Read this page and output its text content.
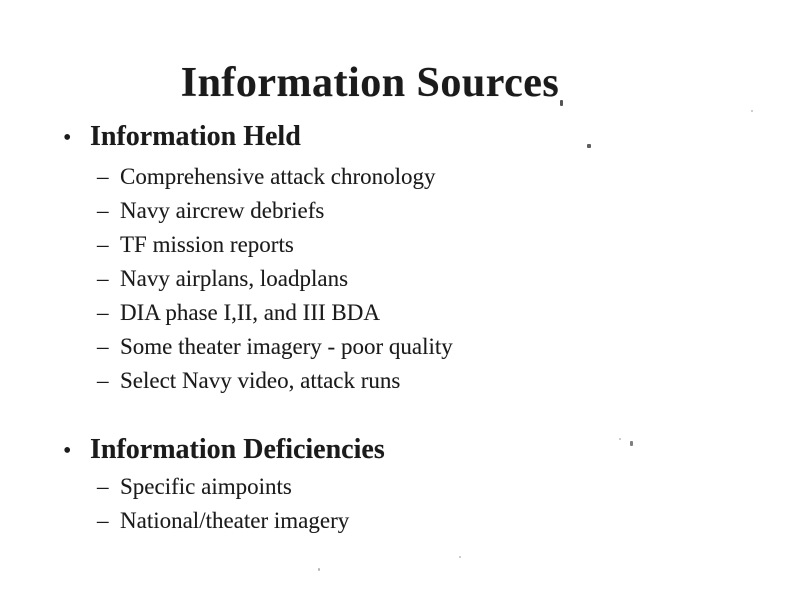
Information Sources
• Information Held
– Comprehensive attack chronology
– Navy aircrew debriefs
– TF mission reports
– Navy airplans, loadplans
– DIA phase I,II, and III BDA
– Some theater imagery - poor quality
– Select Navy video, attack runs
• Information Deficiencies
– Specific aimpoints
– National/theater imagery
